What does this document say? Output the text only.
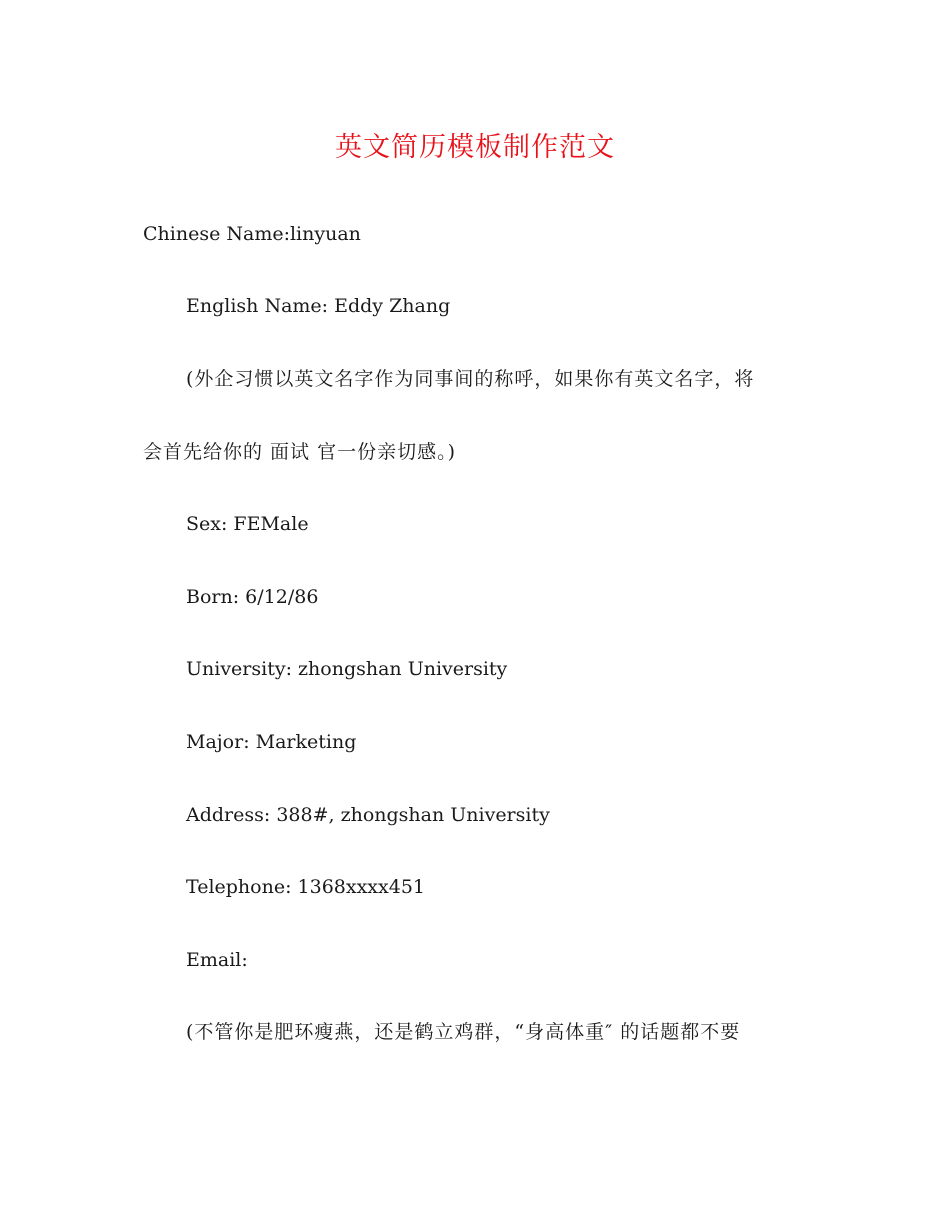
英文简历模板制作范文
Chinese Name:linyuan
English Name: Eddy Zhang
(外企习惯以英文名字作为同事间的称呼，如果你有英文名字，将
会首先给你的 面试 官一份亲切感。)
Sex: FEMale
Born: 6/12/86
University: zhongshan University
Major: Marketing
Address: 388#, zhongshan University
Telephone: 1368xxxx451
Email:
(不管你是肥环瘦燕，还是鹤立鸡群，“身高体重″ 的话题都不要
